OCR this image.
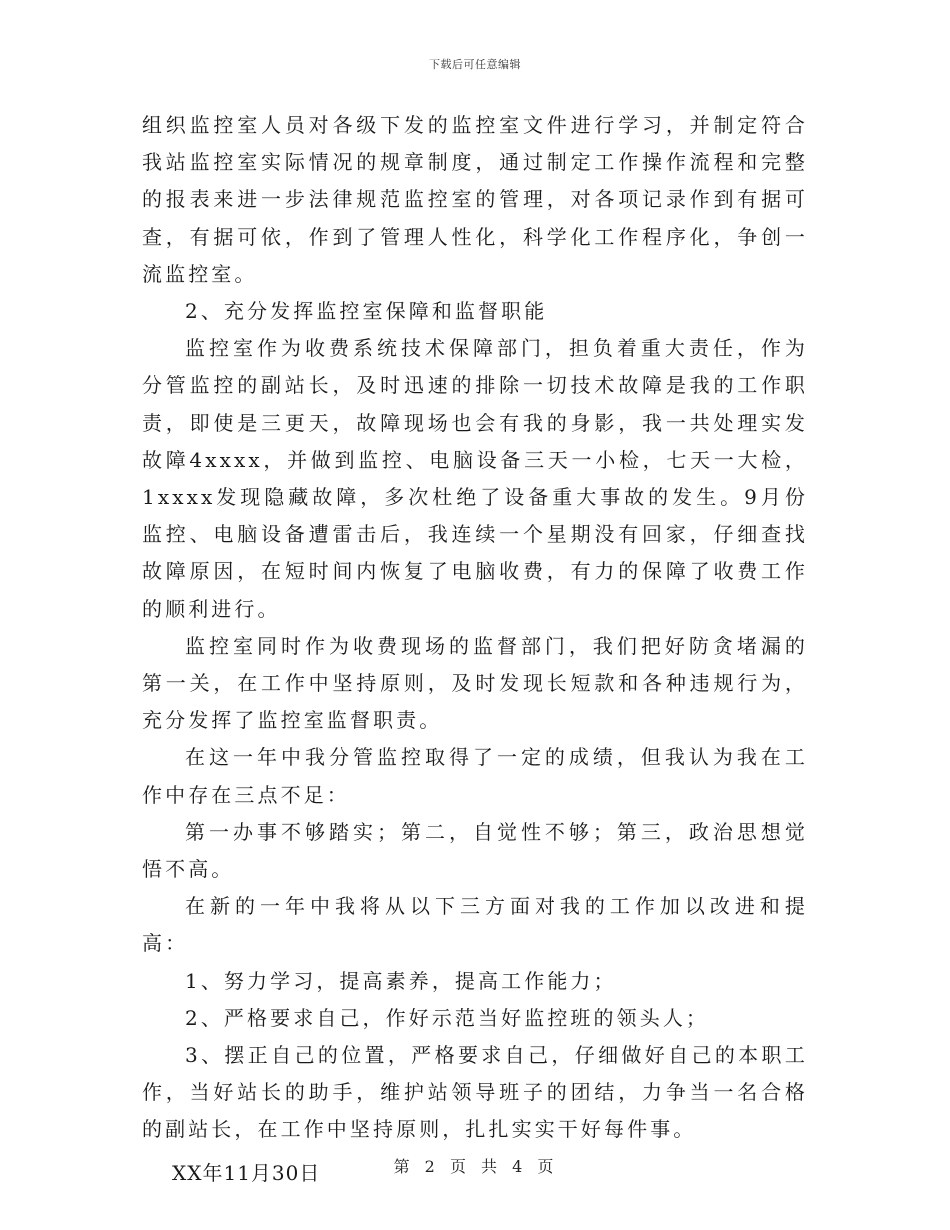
下载后可任意编辑

组织监控室人员对各级下发的监控室文件进行学习，并制定符合我站监控室实际情况的规章制度，通过制定工作操作流程和完整的报表来进一步法律规范监控室的管理，对各项记录作到有据可查，有据可依，作到了管理人性化，科学化工作程序化，争创一流监控室。

2、充分发挥监控室保障和监督职能

监控室作为收费系统技术保障部门，担负着重大责任，作为分管监控的副站长，及时迅速的排除一切技术故障是我的工作职责，即使是三更天，故障现场也会有我的身影，我一共处理实发故障4xxxx，并做到监控、电脑设备三天一小检，七天一大检，1xxxx发现隐藏故障，多次杜绝了设备重大事故的发生。9月份监控、电脑设备遭雷击后，我连续一个星期没有回家，仔细查找故障原因，在短时间内恢复了电脑收费，有力的保障了收费工作的顺利进行。

监控室同时作为收费现场的监督部门，我们把好防贪堵漏的第一关，在工作中坚持原则，及时发现长短款和各种违规行为，充分发挥了监控室监督职责。

在这一年中我分管监控取得了一定的成绩，但我认为我在工作中存在三点不足：

第一办事不够踏实；第二，自觉性不够；第三，政治思想觉悟不高。

在新的一年中我将从以下三方面对我的工作加以改进和提高：

1、努力学习，提高素养，提高工作能力；

2、严格要求自己，作好示范当好监控班的领头人；

3、摆正自己的位置，严格要求自己，仔细做好自己的本职工作，当好站长的助手，维护站领导班子的团结，力争当一名合格的副站长，在工作中坚持原则，扎扎实实干好每件事。

XX年11月30日	第 2 页 共 4 页
